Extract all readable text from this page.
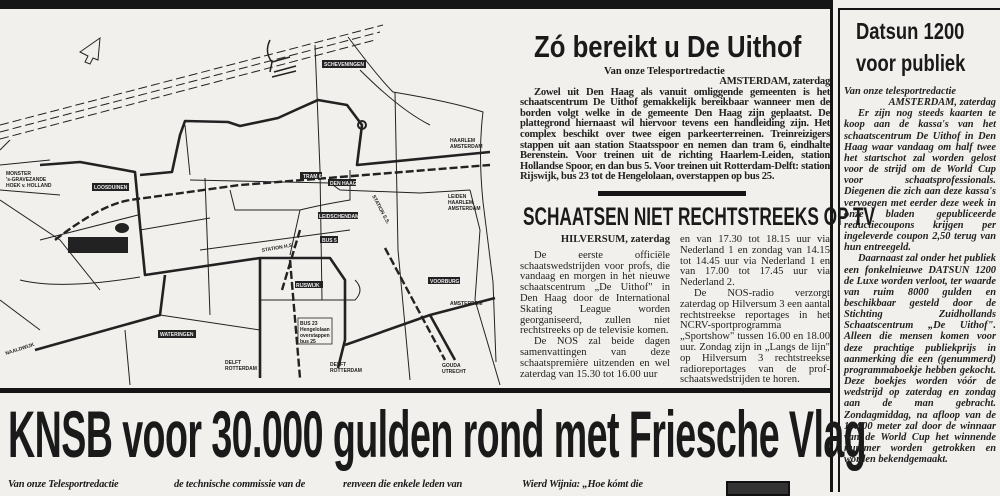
SCHEVENINGEN
LOOSDUINEN
DEN HAAG
VOORBURG
RIJSWIJK
LEIDSCHENDAM
WATERINGEN
MONSTER
's-GRAVEZANDE
HOEK v. HOLLAND
HAARLEM
AMSTERDAM
LEIDEN
HAARLEM
AMSTERDAM
AMSTERDAM
DELFT
ROTTERDAM
DELFT
ROTTERDAM
GOUDA
UTRECHT
NAALDWIJK
STATION H.S.
STATION S.S.
TRAM 6
BUS 5
BUS 23
Hengelolaan
overstappen
bus 25
Zó bereikt u De Uithof
Van onze Telesportredactie
AMSTERDAM, zaterdag

Zowel uit Den Haag als vanuit omliggende gemeenten is het schaatscentrum De Uithof gemakkelijk bereikbaar wanneer men de borden volgt welke in de gemeente Den Haag zijn geplaatst. De plattegrond hiernaast wil hiervoor tevens een handleiding zijn. Het complex beschikt over twee eigen parkeerterreinen. Treinreizigers stappen uit aan station Staatsspoor en nemen dan tram 6, eindhalte Berenstein. Voor treinen uit de richting Haarlem-Leiden, station Hollandse Spoor, en dan bus 5. Voor treinen uit Rotterdam-Delft: station Rijswijk, bus 23 tot de Hengelolaan, overstappen op bus 25.

SCHAATSEN NIET RECHTSTREEKS OP TV
HILVERSUM, zaterdag

De eerste officiële schaatswedstrijden voor profs, die vandaag en morgen in het nieuwe schaatscentrum „De Uithof" in Den Haag door de International Skating League worden georganiseerd, zullen niet rechtstreeks op de televisie komen.

De NOS zal beide dagen samenvattingen van deze schaatspremière uitzenden en wel zaterdag van 15.30 tot 16.00 uur

en van 17.30 tot 18.15 uur via Nederland 1 en zondag van 14.15 tot 14.45 uur via Nederland 1 en van 17.00 tot 17.45 uur via Nederland 2.

De NOS-radio verzorgt zaterdag op Hilversum 3 een aantal rechtstreekse reportages in het NCRV-sportprogramma „Sportshow" tussen 16.00 en 18.00 uur. Zondag zijn in „Langs de lijn" op Hilversum 3 rechtstreekse radioreportages van de prof-schaatswedstrijden te horen.

KNSB voor 30.000 gulden rond met Friesche Vlag
Van onze Telesportredactie	de technische commissie van de	renveen die enkele leden van	Wierd Wijnia: „Hoe kómt die
Datsun 1200
voor publiek
Van onze telesportredactie
AMSTERDAM, zaterdag

Er zijn nog steeds kaarten te koop aan de kassa's van het schaatscentrum De Uithof in Den Haag waar vandaag om half twee het startschot zal worden gelost voor de strijd om de World Cup voor schaatsprofessionals. Diegenen die zich aan deze kassa's vervoegen met eerder deze week in onze bladen gepubliceerde reductiecoupons krijgen per ingeleverde coupon 2,50 terug van hun entreegeld.

Daarnaast zal onder het publiek een fonkelnieuwe DATSUN 1200 de Luxe worden verloot, ter waarde van ruim 8000 gulden en beschikbaar gesteld door de Stichting Zuidhollands Schaatscentrum „De Uithof". Alleen die mensen komen voor deze prachtige publiekprijs in aanmerking die een (genummerd) programmaboekje hebben gekocht. Deze boekjes worden vóór de wedstrijd op zaterdag en zondag aan de man gebracht. Zondagmiddag, na afloop van de 10.000 meter zal door de winnaar van de World Cup het winnende nummer worden getrokken en worden bekendgemaakt.
